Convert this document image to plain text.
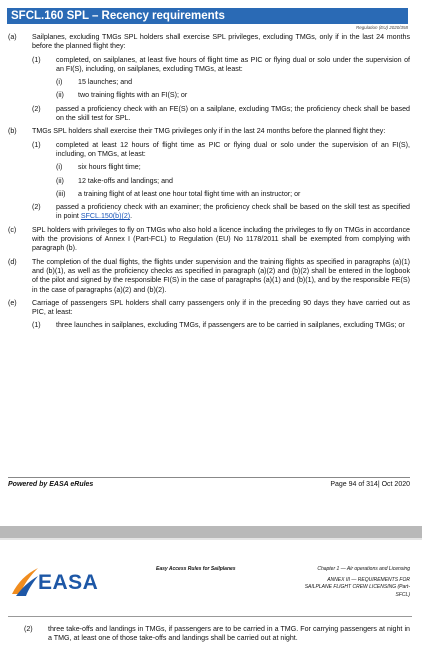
SFCL.160 SPL – Recency requirements
Regulation (EU) 2020/358
(a)	Sailplanes, excluding TMGs SPL holders shall exercise SPL privileges, excluding TMGs, only if in the last 24 months before the planned flight they:
(1)	completed, on sailplanes, at least five hours of flight time as PIC or flying dual or solo under the supervision of an FI(S), including, on sailplanes, excluding TMGs, at least:
(i)	15 launches; and
(ii)	two training flights with an FI(S); or
(2)	passed a proficiency check with an FE(S) on a sailplane, excluding TMGs; the proficiency check shall be based on the skill test for SPL.
(b)	TMGs SPL holders shall exercise their TMG privileges only if in the last 24 months before the planned flight they:
(1)	completed at least 12 hours of flight time as PIC or flying dual or solo under the supervision of an FI(S), including, on TMGs, at least:
(i)	six hours flight time;
(ii)	12 take-offs and landings; and
(iii)	a training flight of at least one hour total flight time with an instructor; or
(2)	passed a proficiency check with an examiner; the proficiency check shall be based on the skill test as specified in point SFCL.150(b)(2).
(c)	SPL holders with privileges to fly on TMGs who also hold a licence including the privileges to fly on TMGs in accordance with the provisions of Annex I (Part-FCL) to Regulation (EU) No 1178/2011 shall be exempted from complying with paragraph (b).
(d)	The completion of the dual flights, the flights under supervision and the training flights as specified in paragraphs (a)(1) and (b)(1), as well as the proficiency checks as specified in paragraph (a)(2) and (b)(2) shall be entered in the logbook of the pilot and signed by the responsible FI(S) in the case of paragraphs (a)(1) and (b)(1), and by the responsible FE(S) in the case of paragraphs (a)(2) and (b)(2).
(e)	Carriage of passengers SPL holders shall carry passengers only if in the preceding 90 days they have carried out as PIC, at least:
(1)	three launches in sailplanes, excluding TMGs, if passengers are to be carried in sailplanes, excluding TMGs; or
Powered by EASA eRules	Page 94 of 314| Oct 2020
EASA
Easy Access Rules for Sailplanes	Chapter 1 — Air operations and Licensing
ANNEX III — REQUIREMENTS FOR
SAILPLANE FLIGHT CREW LICENSING (Part-
SFCL)
(2)	three take-offs and landings in TMGs, if passengers are to be carried in a TMG. For carrying passengers at night in a TMG, at least one of those take-offs and landings shall be carried out at night.
